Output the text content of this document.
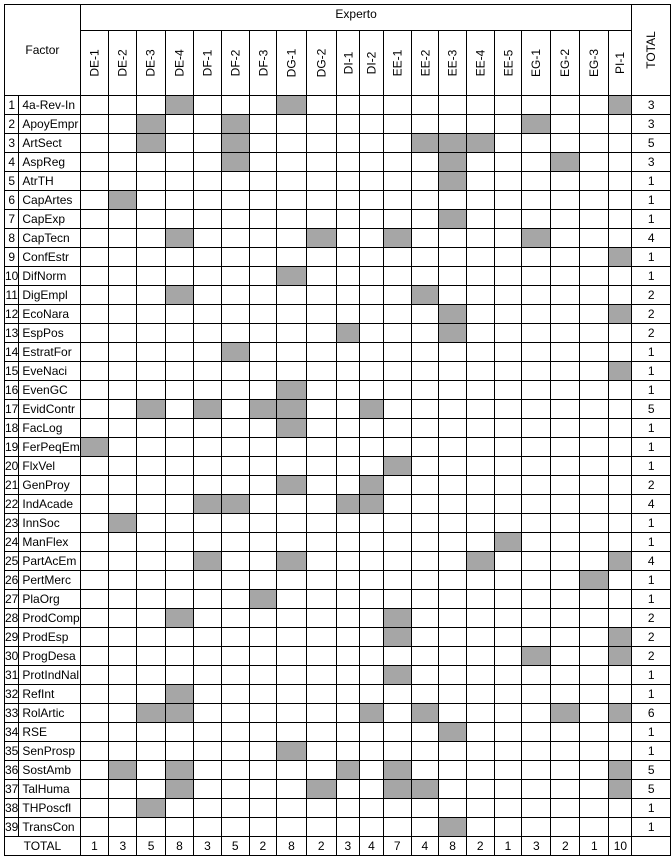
Factor		Experto																				TOTAL
		DE-1	DE-2	DE-3	DE-4	DF-1	DF-2	DF-3	DG-1	DG-2	DI-1	DI-2	EE-1	EE-2	EE-3	EE-4	EE-5	EG-1	EG-2	EG-3	PI-1	
1	4a-Rev-In																					3
2	ApoyEmpr																					3
3	ArtSect																					5
4	AspReg																					3
5	AtrTH																					1
6	CapArtes																					1
7	CapExp																					1
8	CapTecn																					4
9	ConfEstr																					1
10	DifNorm																					1
11	DigEmpl																					2
12	EcoNara																					2
13	EspPos																					2
14	EstratFor																					1
15	EveNaci																					1
16	EvenGC																					1
17	EvidContr																					5
18	FacLog																					1
19	FerPeqEm																					1
20	FlxVel																					1
21	GenProy																					2
22	IndAcade																					4
23	InnSoc																					1
24	ManFlex																					1
25	PartAcEm																					4
26	PertMerc																					1
27	PlaOrg																					1
28	ProdComp																					2
29	ProdEsp																					2
30	ProgDesa																					2
31	ProtIndNal																					1
32	RefInt																					1
33	RolArtic																					6
34	RSE																					1
35	SenProsp																					1
36	SostAmb																					5
37	TalHuma																					5
38	THPoscfl																					1
39	TransCon																					1
TOTAL		1	3	5	8	3	5	2	8	2	3	4	7	4	8	2	1	3	2	1	10	
